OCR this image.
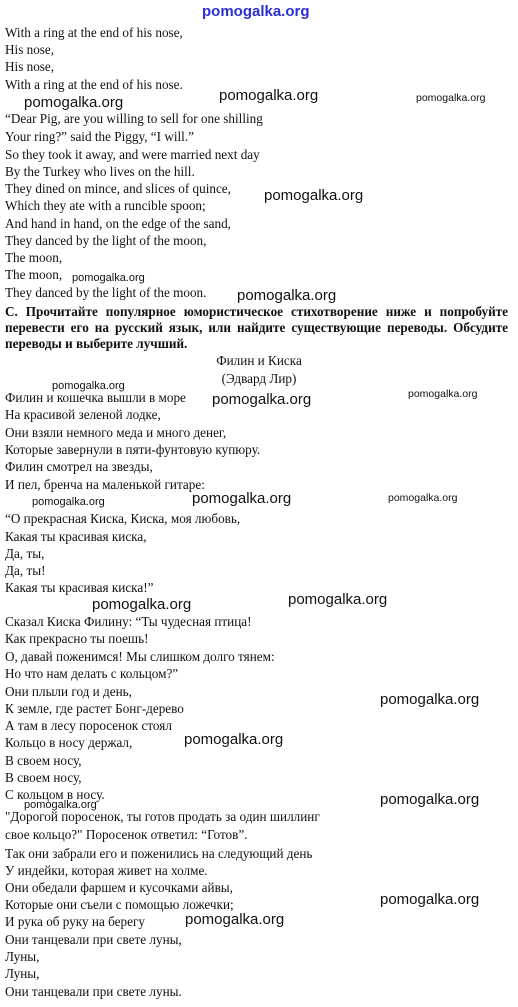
pomogalka.org
pomogalka.org	pomogalka.org	pomogalka.org
pomogalka.org
pomogalka.org
pomogalka.org
pomogalka.org
pomogalka.org	pomogalka.org
pomogalka.org	pomogalka.org	pomogalka.org
pomogalka.org	pomogalka.org
pomogalka.org
pomogalka.org
pomogalka.org
pomogalka.org
pomogalka.org
pomogalka.org
With a ring at the end of his nose,
His nose,
His nose,
With a ring at the end of his nose.
“Dear Pig, are you willing to sell for one shilling
Your ring?” said the Piggy, “I will.”
So they took it away, and were married next day
By the Turkey who lives on the hill.
They dined on mince, and slices of quince,
Which they ate with a runcible spoon;
And hand in hand, on the edge of the sand,
They danced by the light of the moon,
The moon,
The moon,
They danced by the light of the moon.
C. Прочитайте популярное юмористическое стихотворение ниже и попробуйте перевести его на русский язык, или найдите существующие переводы. Обсудите переводы и выберите лучший.
Филин и Киска
(Эдвард Лир)
Филин и кошечка вышли в море
На красивой зеленой лодке,
Они взяли немного меда и много денег,
Которые завернули в пяти-фунтовую купюру.
Филин смотрел на звезды,
И пел, бренча на маленькой гитаре:
“О прекрасная Киска, Киска, моя любовь,
Какая ты красивая киска,
Да, ты,
Да, ты!
Какая ты красивая киска!”
Сказал Киска Филину: “Ты чудесная птица!
Как прекрасно ты поешь!
О, давай поженимся! Мы слишком долго тянем:
Но что нам делать с кольцом?”
Они плыли год и день,
К земле, где растет Бонг-дерево
А там в лесу поросенок стоял
Кольцо в носу держал,
В своем носу,
В своем носу,
С кольцом в носу.
"Дорогой поросенок, ты готов продать за один шиллинг
свое кольцо?" Поросенок ответил: “Готов”.
Так они забрали его и поженились на следующий день
У индейки, которая живет на холме.
Они обедали фаршем и кусочками айвы,
Которые они съели с помощью ложечки;
И рука об руку на берегу
Они танцевали при свете луны,
Луны,
Луны,
Они танцевали при свете луны.
